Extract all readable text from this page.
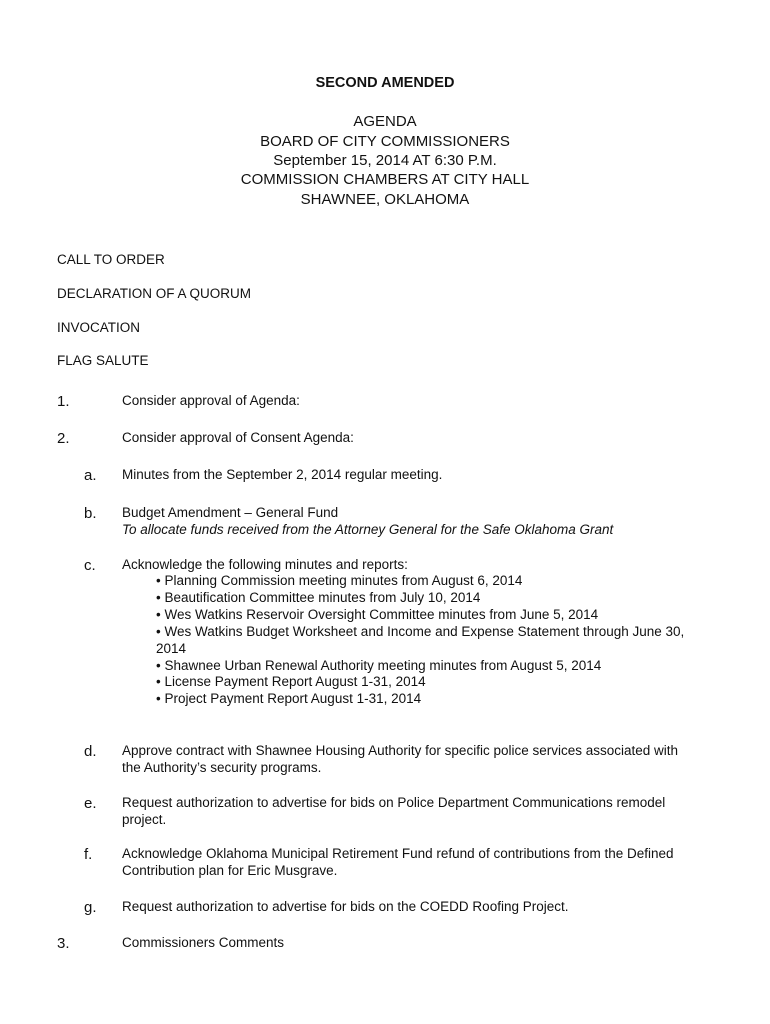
SECOND AMENDED
AGENDA
BOARD OF CITY COMMISSIONERS
September 15, 2014 AT 6:30 P.M.
COMMISSION CHAMBERS AT CITY HALL
SHAWNEE, OKLAHOMA
CALL TO ORDER
DECLARATION OF A QUORUM
INVOCATION
FLAG SALUTE
1.	Consider approval of Agenda:
2.	Consider approval of Consent Agenda:
a. Minutes from the September 2, 2014 regular meeting.
b. Budget Amendment – General Fund
To allocate funds received from the Attorney General for the Safe Oklahoma Grant
c. Acknowledge the following minutes and reports:
• Planning Commission meeting minutes from August 6, 2014
• Beautification Committee minutes from July 10, 2014
• Wes Watkins Reservoir Oversight Committee minutes from June 5, 2014
• Wes Watkins Budget Worksheet and Income and Expense Statement through June 30,
2014
• Shawnee Urban Renewal Authority meeting minutes from August 5, 2014
• License Payment Report August 1-31, 2014
• Project Payment Report August 1-31, 2014
d. Approve contract with Shawnee Housing Authority for specific police services associated with
the Authority’s security programs.
e. Request authorization to advertise for bids on Police Department Communications remodel
project.
f. Acknowledge Oklahoma Municipal Retirement Fund refund of contributions from the Defined
Contribution plan for Eric Musgrave.
g. Request authorization to advertise for bids on the COEDD Roofing Project.
3.	Commissioners Comments
